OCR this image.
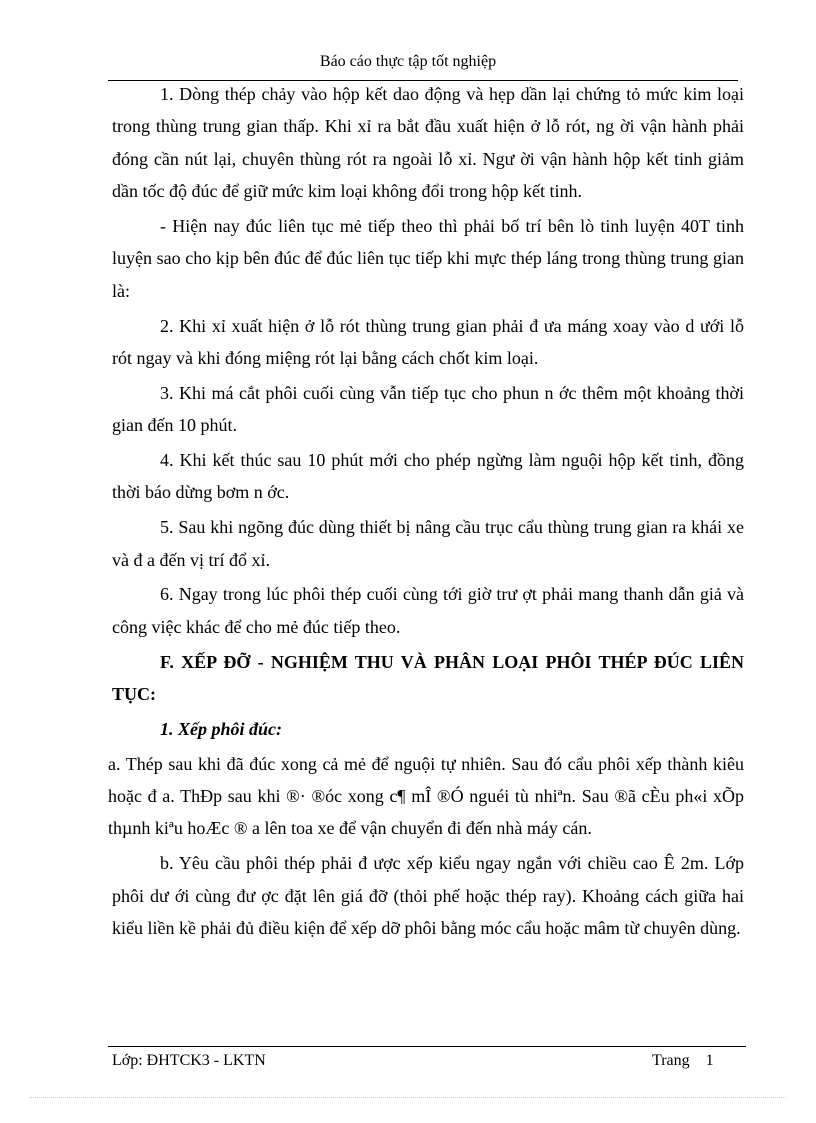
Báo cáo thực tập tốt nghiệp

1. Dòng thép chảy vào hộp kết dao động và hẹp dần lại chứng tỏ mức kim loại trong thùng trung gian thấp. Khi xỉ ra bắt đầu xuất hiện ở lỗ rót, ng ời vận hành phải đóng cần nút lại, chuyên thùng rót ra ngoài lỗ xỉ. Ngư ời vận hành hộp kết tinh giảm dần tốc độ đúc để giữ mức kim loại không đổi trong hộp kết tinh.

- Hiện nay đúc liên tục mẻ tiếp theo thì phải bố trí bên lò tinh luyện 40T tinh luyện sao cho kịp bên đúc để đúc liên tục tiếp khi mực thép láng trong thùng trung gian là:

2. Khi xỉ xuất hiện ở lỗ rót thùng trung gian phải đ ưa máng xoay vào d ưới lỗ rót ngay và khi đóng miệng rót lại bằng cách chốt kim loại.

3. Khi má cắt phôi cuối cùng vẫn tiếp tục cho phun n ớc thêm một khoảng thời gian đến 10 phút.

4. Khi kết thúc sau 10 phút mới cho phép ngừng làm nguội hộp kết tinh, đồng thời báo dừng bơm n ớc.

5. Sau khi ngõng đúc dùng thiết bị nâng cầu trục cẩu thùng trung gian ra khái xe và đ a đến vị trí đổ xỉ.

6. Ngay trong lúc phôi thép cuối cùng tới giờ trư ợt phải mang thanh dẫn giả và công việc khác để cho mẻ đúc tiếp theo.

F. XẾP ĐỠ - NGHIỆM THU VÀ PHÂN LOẠI PHÔI THÉP ĐÚC LIÊN TỤC:
1. Xếp phôi đúc:

a. Thép sau khi đã đúc xong cả mẻ để nguội tự nhiên. Sau đó cẩu phôi xếp thành kiêu hoặc đ a. ThÐp sau khi ®· ®óc xong c¶ mÎ ®Ó nguéi tù nhiªn. Sau ®ã cÈu ph«i xÕp thµnh kiªu hoÆc ® a lên toa xe để vận chuyển đi đến nhà máy cán.

b. Yêu cầu phôi thép phải đ ược xếp kiểu ngay ngắn với chiều cao Ê 2m. Lớp phôi dư ới cùng đư ợc đặt lên giá đỡ (thỏi phế hoặc thép ray). Khoảng cách giữa hai kiểu liền kề phải đủ điều kiện để xếp dỡ phôi bằng móc cẩu hoặc mâm từ chuyên dùng.

Lớp: ĐHTCK3 - LKTN	Trang    1
